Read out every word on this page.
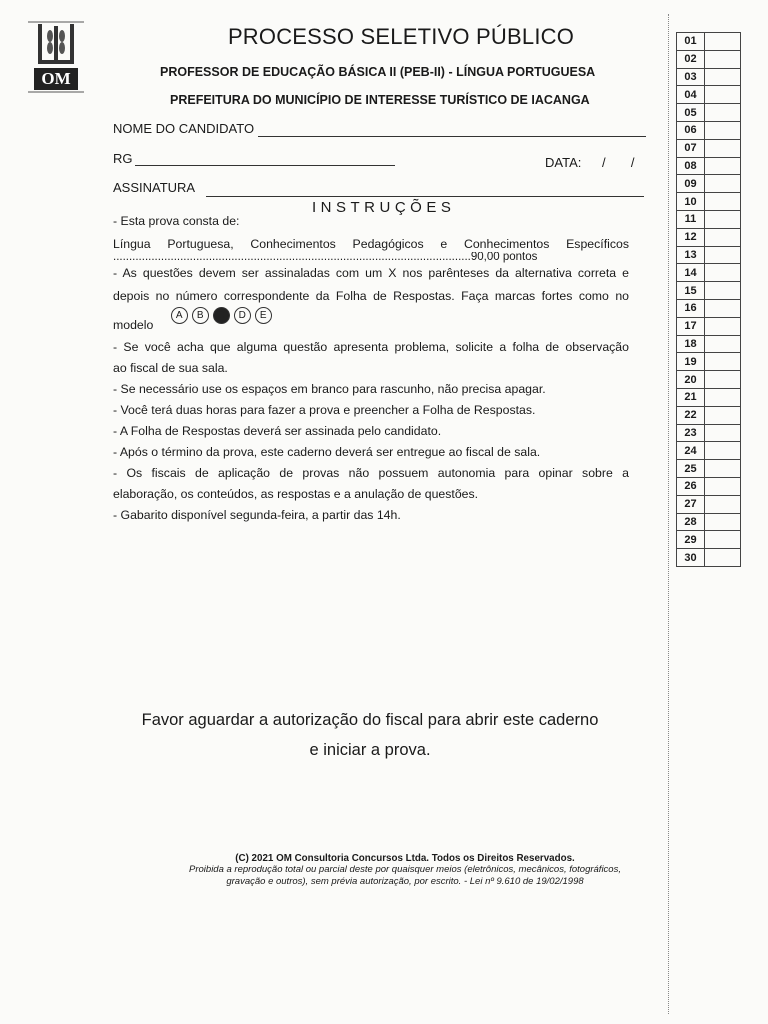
OM
PROCESSO SELETIVO PÚBLICO
PROFESSOR DE EDUCAÇÃO BÁSICA II (PEB-II) - LÍNGUA PORTUGUESA
PREFEITURA DO MUNICÍPIO DE INTERESSE TURÍSTICO DE IACANGA
NOME DO CANDIDATO
RG	DATA: /       /
ASSINATURA
INSTRUÇÕES
- Esta prova consta de:
Língua Portuguesa, Conhecimentos Pedagógicos e Conhecimentos Específicos
................................................................................................................90,00 pontos
- As questões devem ser assinaladas com um X nos parênteses da alternativa correta e
depois no número correspondente da Folha de Respostas. Faça marcas fortes como no
modelo A B C D E
- Se você acha que alguma questão apresenta problema, solicite a folha de observação
ao fiscal de sua sala.
- Se necessário use os espaços em branco para rascunho, não precisa apagar.
- Você terá duas horas para fazer a prova e preencher a Folha de Respostas.
- A Folha de Respostas deverá ser assinada pelo candidato.
- Após o término da prova, este caderno deverá ser entregue ao fiscal de sala.
- Os fiscais de aplicação de provas não possuem autonomia para opinar sobre a
elaboração, os conteúdos, as respostas e a anulação de questões.
- Gabarito disponível segunda-feira, a partir das 14h.
Favor aguardar a autorização do fiscal para abrir este caderno
e iniciar a prova.
(C) 2021 OM Consultoria Concursos Ltda. Todos os Direitos Reservados.
Proibida a reprodução total ou parcial deste por quaisquer meios (eletrônicos, mecânicos, fotográficos,
gravação e outros), sem prévia autorização, por escrito. - Lei nº 9.610 de 19/02/1998
01	
02	
03	
04	
05	
06	
07	
08	
09	
10	
11	
12	
13	
14	
15	
16	
17	
18	
19	
20	
21	
22	
23	
24	
25	
26	
27	
28	
29	
30	
